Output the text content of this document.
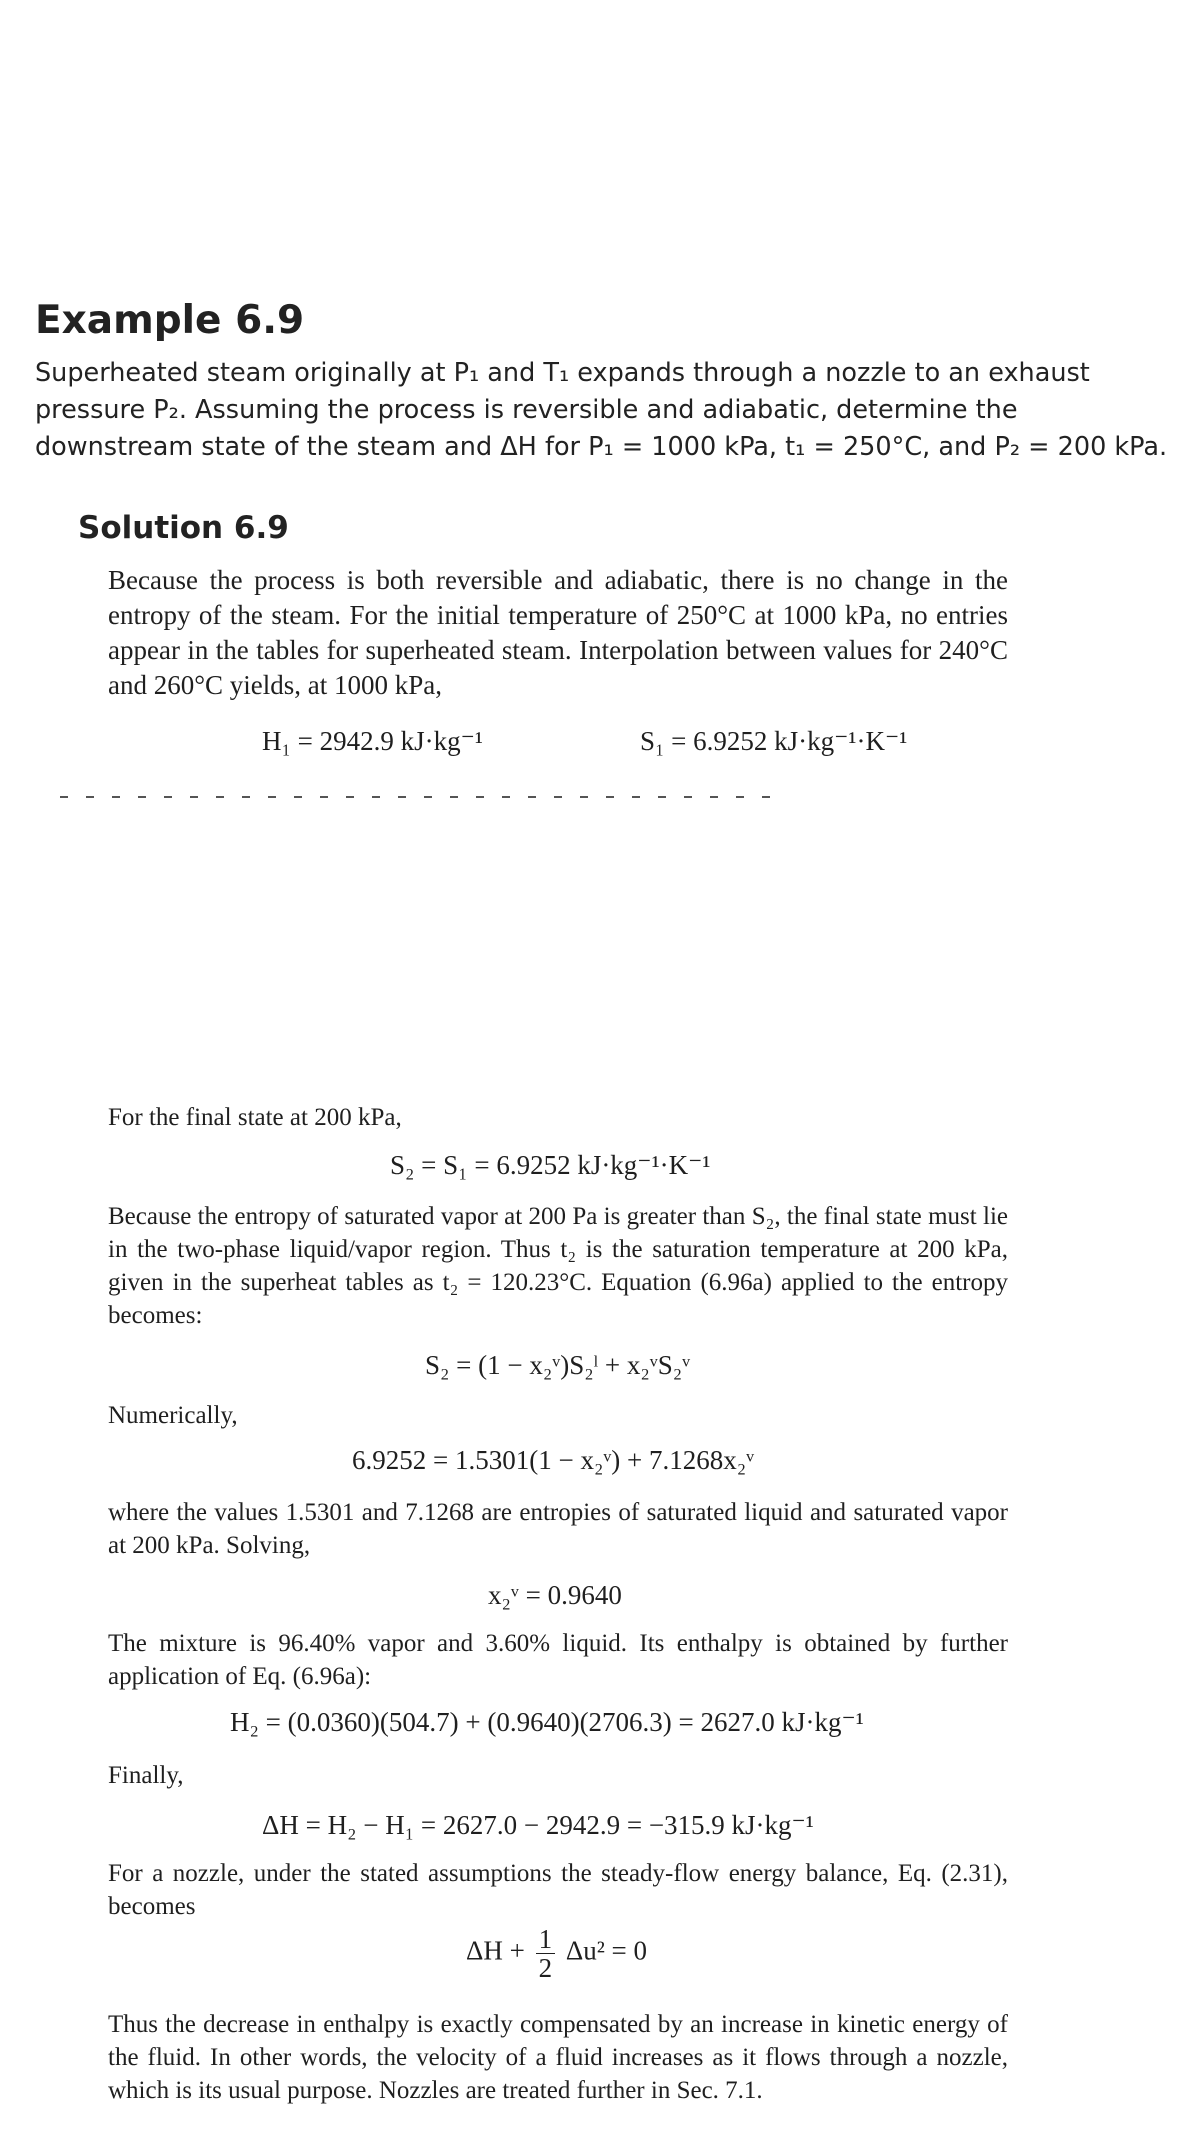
Example 6.9
Superheated steam originally at P₁ and T₁ expands through a nozzle to an exhaust pressure P₂. Assuming the process is reversible and adiabatic, determine the downstream state of the steam and ΔH for P₁ = 1000 kPa, t₁ = 250°C, and P₂ = 200 kPa.
Solution 6.9
Because the process is both reversible and adiabatic, there is no change in the entropy of the steam. For the initial temperature of 250°C at 1000 kPa, no entries appear in the tables for superheated steam. Interpolation between values for 240°C and 260°C yields, at 1000 kPa,
H₁ = 2942.9 kJ·kg⁻¹	S₁ = 6.9252 kJ·kg⁻¹·K⁻¹
For the final state at 200 kPa,
S₂ = S₁ = 6.9252 kJ·kg⁻¹·K⁻¹
Because the entropy of saturated vapor at 200 Pa is greater than S₂, the final state must lie in the two-phase liquid/vapor region. Thus t₂ is the saturation temperature at 200 kPa, given in the superheat tables as t₂ = 120.23°C. Equation (6.96a) applied to the entropy becomes:
S₂ = (1 − x₂ᵛ)S₂ˡ + x₂ᵛS₂ᵛ
Numerically,
6.9252 = 1.5301(1 − x₂ᵛ) + 7.1268x₂ᵛ
where the values 1.5301 and 7.1268 are entropies of saturated liquid and saturated vapor at 200 kPa. Solving,
x₂ᵛ = 0.9640
The mixture is 96.40% vapor and 3.60% liquid. Its enthalpy is obtained by further application of Eq. (6.96a):
H₂ = (0.0360)(504.7) + (0.9640)(2706.3) = 2627.0 kJ·kg⁻¹
Finally,
ΔH = H₂ − H₁ = 2627.0 − 2942.9 = −315.9 kJ·kg⁻¹
For a nozzle, under the stated assumptions the steady-flow energy balance, Eq. (2.31), becomes
$\Delta H + \frac{1}{2} \Delta u^2 = 0$
Thus the decrease in enthalpy is exactly compensated by an increase in kinetic energy of the fluid. In other words, the velocity of a fluid increases as it flows through a nozzle, which is its usual purpose. Nozzles are treated further in Sec. 7.1.
